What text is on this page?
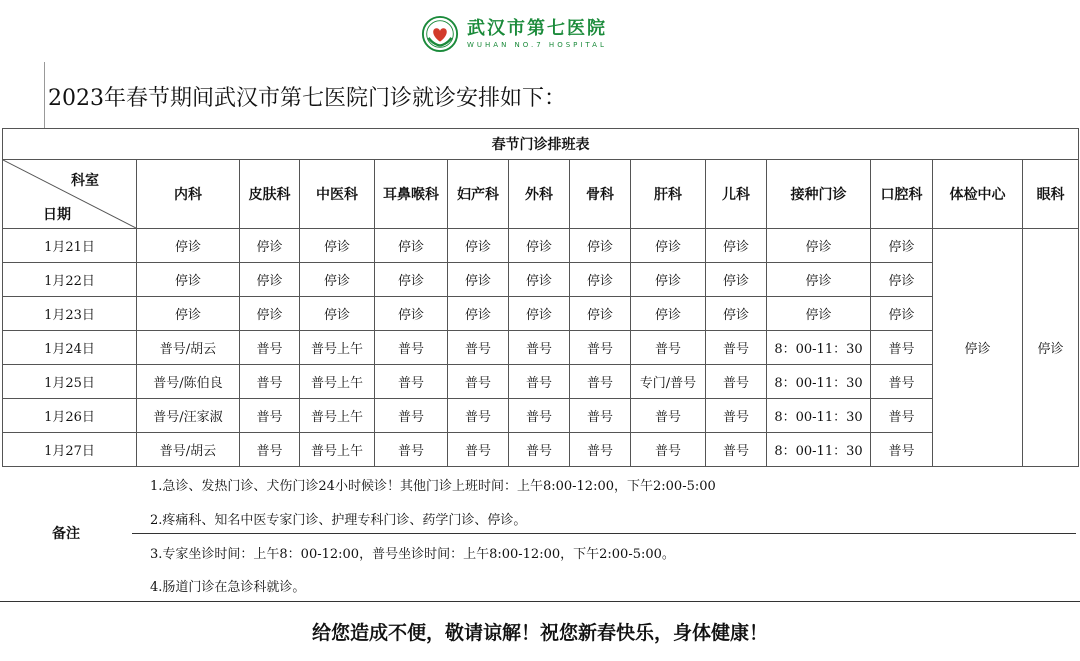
武汉市第七医院
WUHAN NO.7 HOSPITAL
2023年春节期间武汉市第七医院门诊就诊安排如下：
春节门诊排班表													

科室
日期	内科	皮肤科	中医科	耳鼻喉科	妇产科	外科	骨科	肝科	儿科	接种门诊	口腔科	体检中心	眼科
1月21日	停诊	停诊	停诊	停诊	停诊	停诊	停诊	停诊	停诊	停诊	停诊	停诊	停诊
1月22日	停诊	停诊	停诊	停诊	停诊	停诊	停诊	停诊	停诊	停诊	停诊		
1月23日	停诊	停诊	停诊	停诊	停诊	停诊	停诊	停诊	停诊	停诊	停诊		
1月24日	普号/胡云	普号	普号上午	普号	普号	普号	普号	普号	普号	8：00-11：30	普号		
1月25日	普号/陈伯良	普号	普号上午	普号	普号	普号	普号	专门/普号	普号	8：00-11：30	普号		
1月26日	普号/汪家淑	普号	普号上午	普号	普号	普号	普号	普号	普号	8：00-11：30	普号		
1月27日	普号/胡云	普号	普号上午	普号	普号	普号	普号	普号	普号	8：00-11：30	普号		
备注
1.急诊、发热门诊、犬伤门诊24小时候诊！其他门诊上班时间：上午8:00-12:00，下午2:00-5:00
2.疼痛科、知名中医专家门诊、护理专科门诊、药学门诊、停诊。
3.专家坐诊时间：上午8：00-12:00，普号坐诊时间：上午8:00-12:00，下午2:00-5:00。
4.肠道门诊在急诊科就诊。
给您造成不便，敬请谅解！祝您新春快乐，身体健康！
